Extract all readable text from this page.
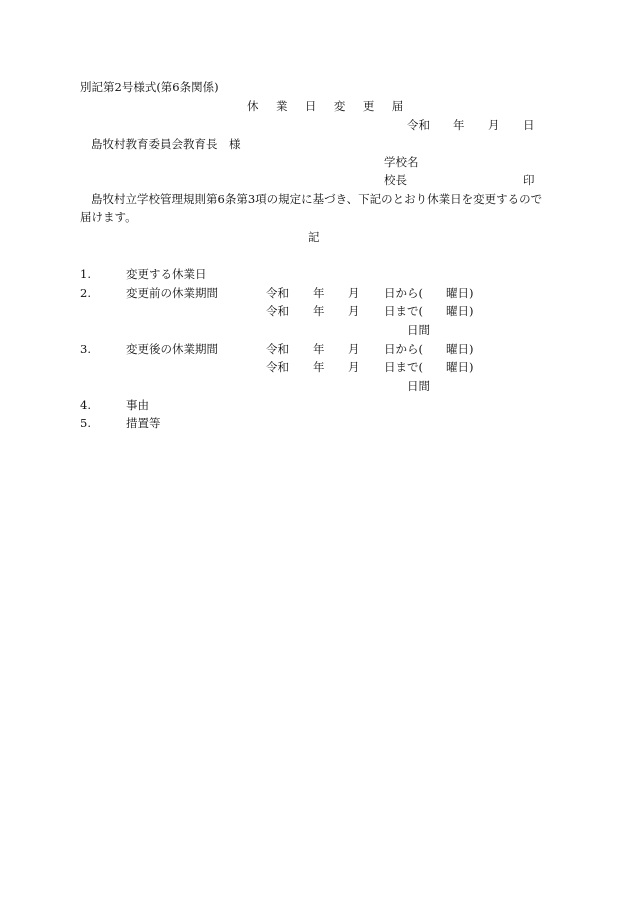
別記第2号様式(第6条関係)
休 業 日 変 更 届
令和 年 月 日
島牧村教育委員会教育長　様
学校名
校長	印
島牧村立学校管理規則第6条第3項の規定に基づき、下記のとおり休業日を変更するので
届けます。
記
1.	変更する休業日
2.	変更前の休業期間	令和 年 月 日から( 曜日)
令和 年 月 日まで( 曜日)
日間
3.	変更後の休業期間	令和 年 月 日から( 曜日)
令和 年 月 日まで( 曜日)
日間
4.	事由
5.	措置等
